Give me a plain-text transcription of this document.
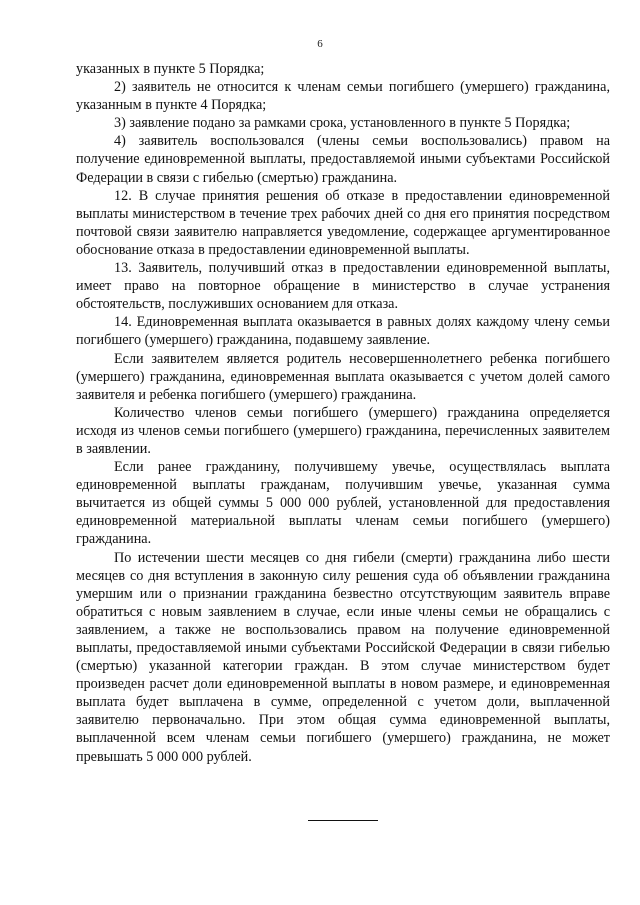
6

указанных в пункте 5 Порядка;

2) заявитель не относится к членам семьи погибшего (умершего) гражданина, указанным в пункте 4 Порядка;

3) заявление подано за рамками срока, установленного в пункте 5 Порядка;

4) заявитель воспользовался (члены семьи воспользовались) правом на получение единовременной выплаты, предоставляемой иными субъектами Российской Федерации в связи с гибелью (смертью) гражданина.

12. В случае принятия решения об отказе в предоставлении единовременной выплаты министерством в течение трех рабочих дней со дня его принятия посредством почтовой связи заявителю направляется уведомление, содержащее аргументированное обоснование отказа в предоставлении единовременной выплаты.

13. Заявитель, получивший отказ в предоставлении единовременной выплаты, имеет право на повторное обращение в министерство в случае устранения обстоятельств, послуживших основанием для отказа.

14. Единовременная выплата оказывается в равных долях каждому члену семьи погибшего (умершего) гражданина, подавшему заявление.

Если заявителем является родитель несовершеннолетнего ребенка погибшего (умершего) гражданина, единовременная выплата оказывается с учетом долей самого заявителя и ребенка погибшего (умершего) гражданина.

Количество членов семьи погибшего (умершего) гражданина определяется исходя из членов семьи погибшего (умершего) гражданина, перечисленных заявителем в заявлении.

Если ранее гражданину, получившему увечье, осуществлялась выплата единовременной выплаты гражданам, получившим увечье, указанная сумма вычитается из общей суммы 5 000 000 рублей, установленной для предоставления единовременной материальной выплаты членам семьи погибшего (умершего) гражданина.

По истечении шести месяцев со дня гибели (смерти) гражданина либо шести месяцев со дня вступления в законную силу решения суда об объявлении гражданина умершим или о признании гражданина безвестно отсутствующим заявитель вправе обратиться с новым заявлением в случае, если иные члены семьи не обращались с заявлением, а также не воспользовались правом на получение единовременной выплаты, предоставляемой иными субъектами Российской Федерации в связи гибелью (смертью) указанной категории граждан. В этом случае министерством будет произведен расчет доли единовременной выплаты в новом размере, и единовременная выплата будет выплачена в сумме, определенной с учетом доли, выплаченной заявителю первоначально. При этом общая сумма единовременной выплаты, выплаченной всем членам семьи погибшего (умершего) гражданина, не может превышать 5 000 000 рублей.
